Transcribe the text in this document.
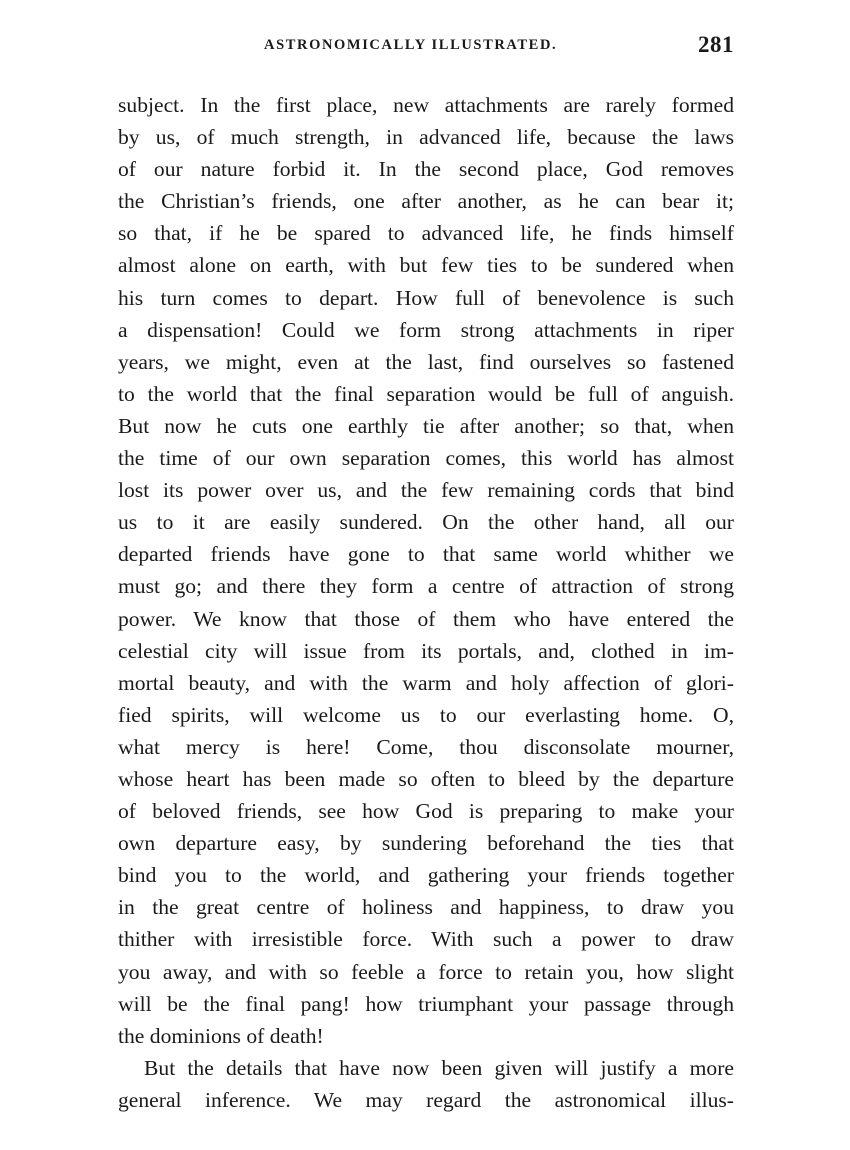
ASTRONOMICALLY ILLUSTRATED.	281
subject. In the first place, new attachments are rarely formed
by us, of much strength, in advanced life, because the laws
of our nature forbid it. In the second place, God removes
the Christian’s friends, one after another, as he can bear it;
so that, if he be spared to advanced life, he finds himself
almost alone on earth, with but few ties to be sundered when
his turn comes to depart. How full of benevolence is such
a dispensation! Could we form strong attachments in riper
years, we might, even at the last, find ourselves so fastened
to the world that the final separation would be full of anguish.
But now he cuts one earthly tie after another; so that, when
the time of our own separation comes, this world has almost
lost its power over us, and the few remaining cords that bind
us to it are easily sundered. On the other hand, all our
departed friends have gone to that same world whither we
must go; and there they form a centre of attraction of strong
power. We know that those of them who have entered the
celestial city will issue from its portals, and, clothed in im-
mortal beauty, and with the warm and holy affection of glori-
fied spirits, will welcome us to our everlasting home. O,
what mercy is here! Come, thou disconsolate mourner,
whose heart has been made so often to bleed by the departure
of beloved friends, see how God is preparing to make your
own departure easy, by sundering beforehand the ties that
bind you to the world, and gathering your friends together
in the great centre of holiness and happiness, to draw you
thither with irresistible force. With such a power to draw
you away, and with so feeble a force to retain you, how slight
will be the final pang! how triumphant your passage through
the dominions of death!
But the details that have now been given will justify a more
general inference. We may regard the astronomical illus-
